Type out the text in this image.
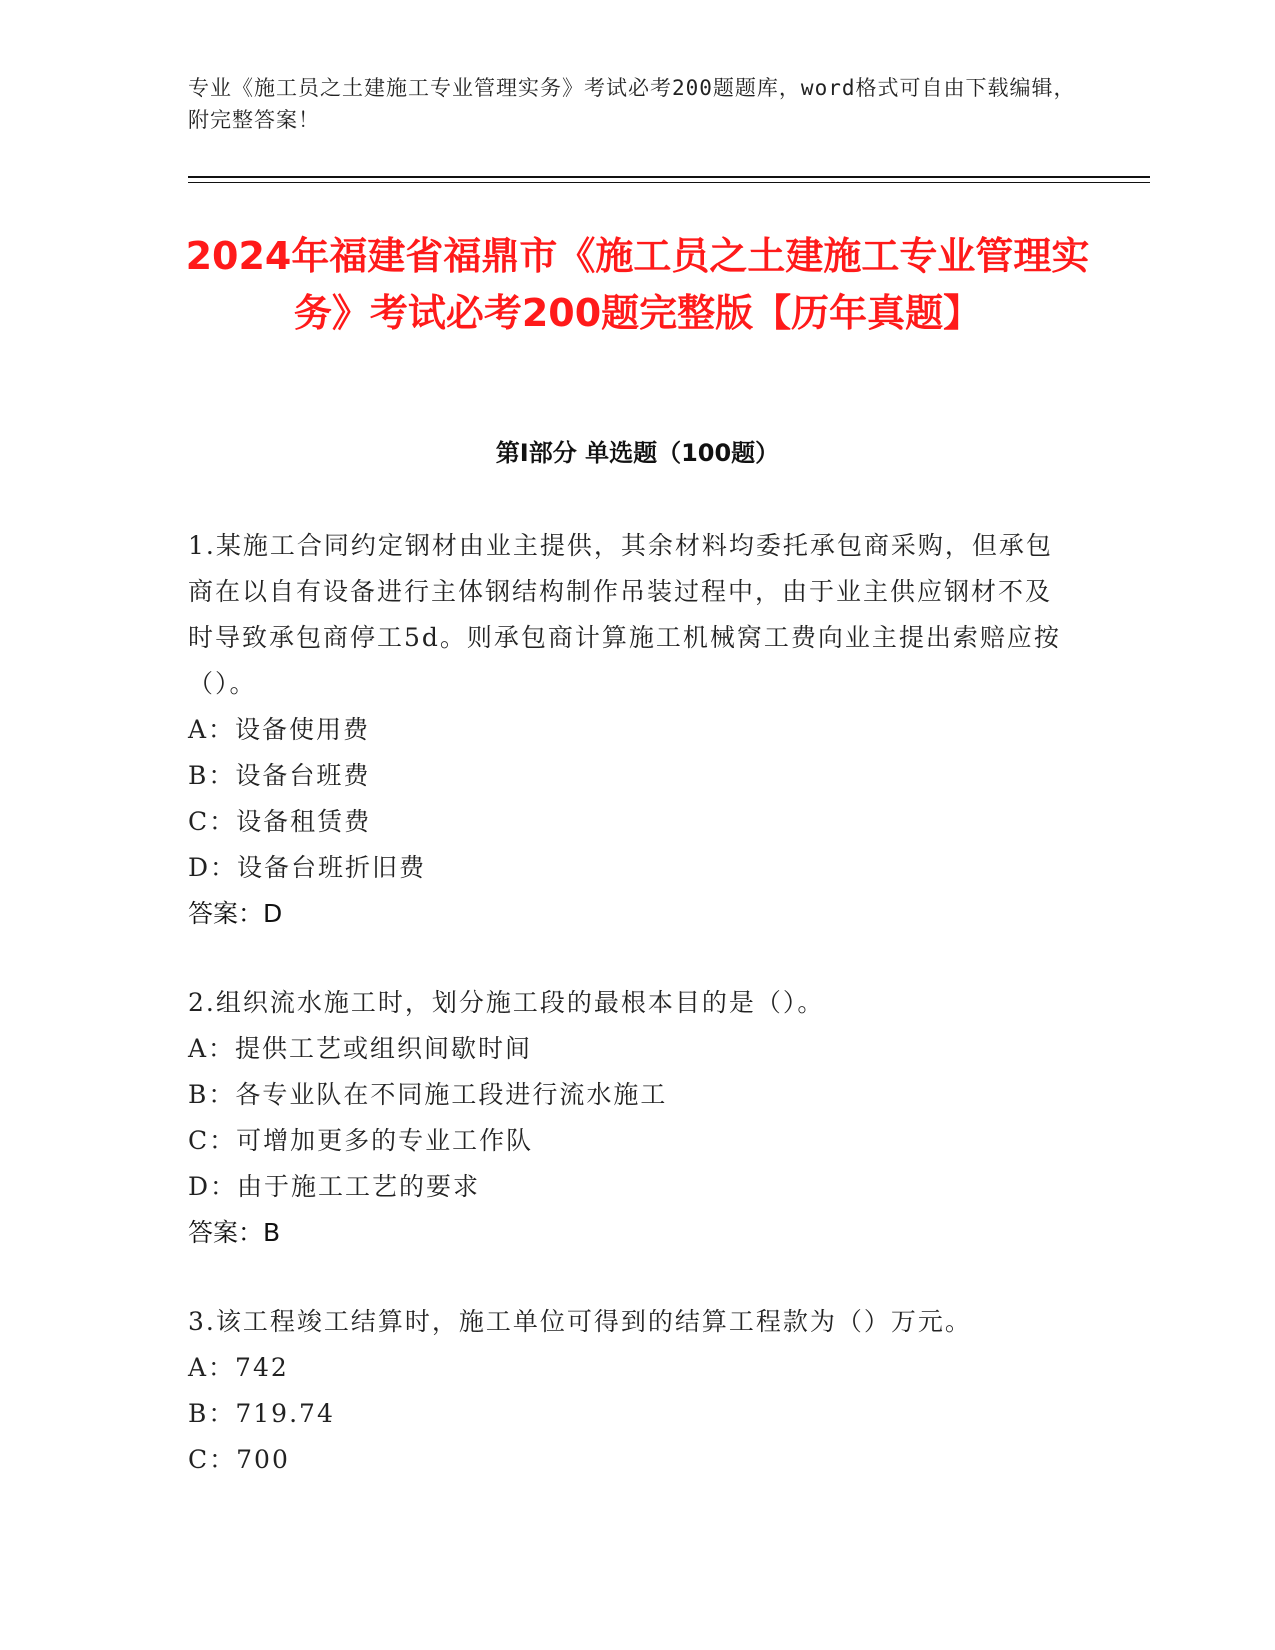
专业《施工员之土建施工专业管理实务》考试必考200题题库，word格式可自由下载编辑，附完整答案！
2024年福建省福鼎市《施工员之土建施工专业管理实务》考试必考200题完整版【历年真题】
第I部分 单选题（100题）

1.某施工合同约定钢材由业主提供，其余材料均委托承包商采购，但承包商在以自有设备进行主体钢结构制作吊装过程中，由于业主供应钢材不及时导致承包商停工5d。则承包商计算施工机械窝工费向业主提出索赔应按（）。

A：设备使用费

B：设备台班费

C：设备租赁费

D：设备台班折旧费

答案：D

2.组织流水施工时，划分施工段的最根本目的是（）。

A：提供工艺或组织间歇时间

B：各专业队在不同施工段进行流水施工

C：可增加更多的专业工作队

D：由于施工工艺的要求

答案：B

3.该工程竣工结算时，施工单位可得到的结算工程款为（）万元。

A：742

B：719.74

C：700
